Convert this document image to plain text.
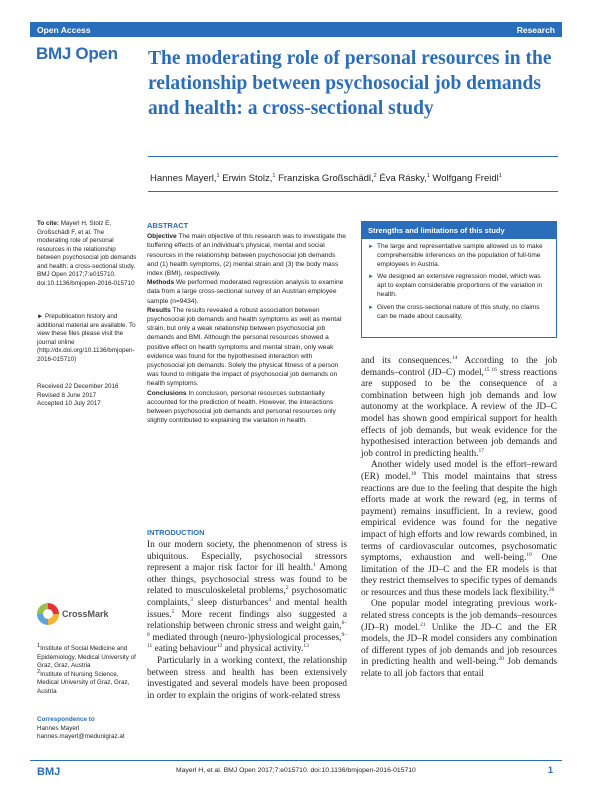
Open Access	Research
BMJ Open The moderating role of personal resources in the relationship between psychosocial job demands and health: a cross-sectional study
Hannes Mayerl,$^1$ Erwin Stolz,$^1$ Franziska Großschädl,$^2$ Éva Rásky,$^1$ Wolfgang Freidl$^1$
To cite: Mayerl H, Stolz E, Großschädl F, et al. The moderating role of personal resources in the relationship between psychosocial job demands and health: a cross-sectional study. BMJ Open 2017;7:e015710. doi:10.1136/bmjopen-2016-015710
► Prepublication history and additional material are available. To view these files please visit the journal online (http://dx.doi.org/10.1136/bmjopen-2016-015710)
Received 22 December 2016
Revised 8 June 2017
Accepted 10 July 2017
CrossMark
$^1$Institute of Social Medicine and Epidemiology, Medical University of Graz, Graz, Austria
$^2$Institute of Nursing Science, Medical University of Graz, Graz, Austria
Correspondence to
Hannes Mayerl
hannes.mayerl@medunigraz.at
ABSTRACT
Objective The main objective of this research was to investigate the buffering effects of an individual's physical, mental and social resources in the relationship between psychosocial job demands and (1) health symptoms, (2) mental strain and (3) the body mass index (BMI), respectively.
Methods We performed moderated regression analysis to examine data from a large cross-sectional survey of an Austrian employee sample (n=9434).
Results The results revealed a robust association between psychosocial job demands and health symptoms as well as mental strain, but only a weak relationship between psychosocial job demands and BMI. Although the personal resources showed a positive effect on health symptoms and mental strain, only weak evidence was found for the hypothesised interaction with psychosocial job demands. Solely the physical fitness of a person was found to mitigate the impact of psychosocial job demands on health symptoms.
Conclusions In conclusion, personal resources substantially accounted for the prediction of health. However, the interactions between psychosocial job demands and personal resources only slightly contributed to explaining the variation in health.
Strengths and limitations of this study
► The large and representative sample allowed us to make comprehensible inferences on the population of full-time employees in Austria.
► We designed an extensive regression model, which was apt to explain considerable proportions of the variation in health.
► Given the cross-sectional nature of this study, no claims can be made about causality.
INTRODUCTION

In our modern society, the phenomenon of stress is ubiquitous. Especially, psychosocial stressors represent a major risk factor for ill health.$^1$ Among other things, psychosocial stress was found to be related to musculoskeletal problems,$^2$ psychosomatic complaints,$^3$ sleep disturbances$^4$ and mental health issues.$^5$ More recent findings also suggested a relationship between chronic stress and weight gain,$^{6-8}$ mediated through (neuro-)physiological processes,$^{9-11}$ eating behaviour$^{12}$ and physical activity.$^{13}$

Particularly in a working context, the relationship between stress and health has been extensively investigated and several models have been proposed in order to explain the origins of work-related stress

and its consequences.$^{14}$ According to the job demands–control (JD–C) model,$^{15 16}$ stress reactions are supposed to be the consequence of a combination between high job demands and low autonomy at the workplace. A review of the JD–C model has shown good empirical support for health effects of job demands, but weak evidence for the hypothesised interaction between job demands and job control in predicting health.$^{17}$

Another widely used model is the effort–reward (ER) model.$^{18}$ This model maintains that stress reactions are due to the feeling that despite the high efforts made at work the reward (eg, in terms of payment) remains insufficient. In a review, good empirical evidence was found for the negative impact of high efforts and low rewards combined, in terms of cardiovascular outcomes, psychosomatic symptoms, exhaustion and well-being.$^{19}$ One limitation of the JD–C and the ER models is that they restrict themselves to specific types of demands or resources and thus these models lack flexibility.$^{20}$

One popular model integrating previous work-related stress concepts is the job demands–resources (JD–R) model.$^{21}$ Unlike the JD–C and the ER models, the JD–R model considers any combination of different types of job demands and job resources in predicting health and well-being.$^{20}$ Job demands relate to all job factors that entail

BMJ	Mayerl H, et al. BMJ Open 2017;7:e015710. doi:10.1136/bmjopen-2016-015710	1
